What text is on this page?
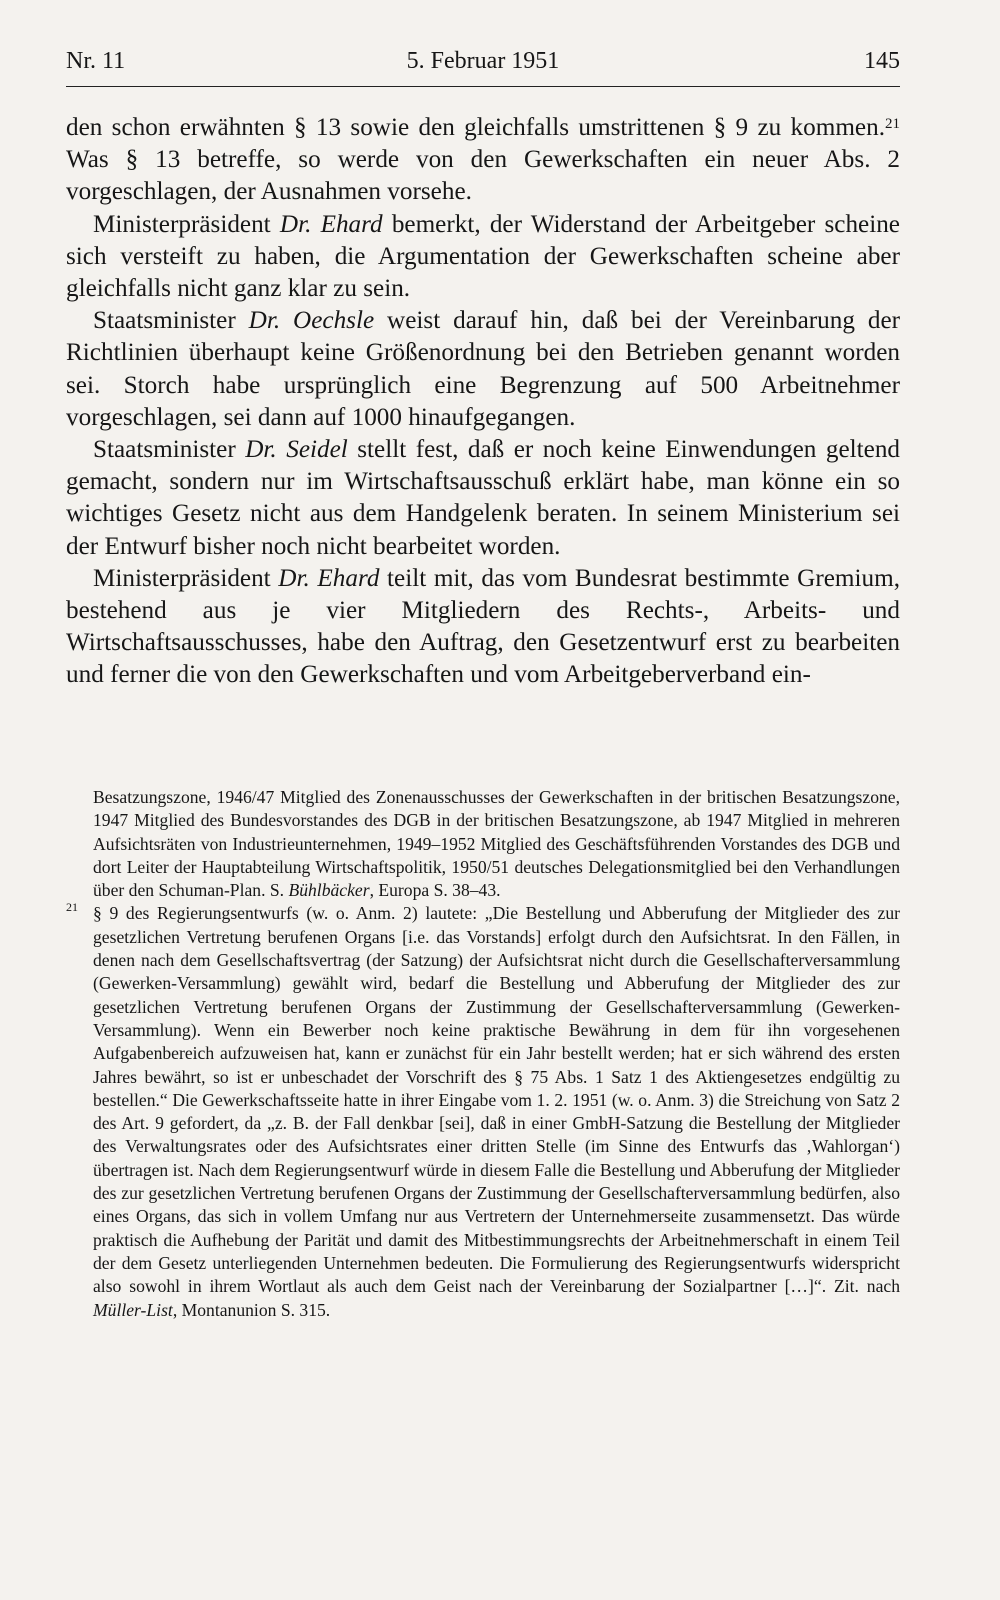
Nr. 11	5. Februar 1951	145

den schon erwähnten § 13 sowie den gleichfalls umstrittenen § 9 zu kommen.$^{21}$ Was § 13 betreffe, so werde von den Gewerkschaften ein neuer Abs. 2 vorgeschlagen, der Ausnahmen vorsehe.

Ministerpräsident Dr. Ehard bemerkt, der Widerstand der Arbeitgeber scheine sich versteift zu haben, die Argumentation der Gewerkschaften scheine aber gleichfalls nicht ganz klar zu sein.

Staatsminister Dr. Oechsle weist darauf hin, daß bei der Vereinbarung der Richtlinien überhaupt keine Größenordnung bei den Betrieben genannt worden sei. Storch habe ursprünglich eine Begrenzung auf 500 Arbeitnehmer vorgeschlagen, sei dann auf 1000 hinaufgegangen.

Staatsminister Dr. Seidel stellt fest, daß er noch keine Einwendungen geltend gemacht, sondern nur im Wirtschaftsausschuß erklärt habe, man könne ein so wichtiges Gesetz nicht aus dem Handgelenk beraten. In seinem Ministerium sei der Entwurf bisher noch nicht bearbeitet worden.

Ministerpräsident Dr. Ehard teilt mit, das vom Bundesrat bestimmte Gremium, bestehend aus je vier Mitgliedern des Rechts-, Arbeits- und Wirtschaftsausschusses, habe den Auftrag, den Gesetzentwurf erst zu bearbeiten und ferner die von den Gewerkschaften und vom Arbeitgeberverband ein-

Besatzungszone, 1946/47 Mitglied des Zonenausschusses der Gewerkschaften in der britischen Besatzungszone, 1947 Mitglied des Bundesvorstandes des DGB in der britischen Besatzungszone, ab 1947 Mitglied in mehreren Aufsichtsräten von Industrieunternehmen, 1949–1952 Mitglied des Geschäftsführenden Vorstandes des DGB und dort Leiter der Hauptabteilung Wirtschaftspolitik, 1950/51 deutsches Delegationsmitglied bei den Verhandlungen über den Schuman-Plan. S. Bühlbäcker, Europa S. 38–43.
21 § 9 des Regierungsentwurfs (w. o. Anm. 2) lautete: „Die Bestellung und Abberufung der Mitglieder des zur gesetzlichen Vertretung berufenen Organs [i.e. das Vorstands] erfolgt durch den Aufsichtsrat. In den Fällen, in denen nach dem Gesellschaftsvertrag (der Satzung) der Aufsichtsrat nicht durch die Gesellschafterversammlung (Gewerken-Versammlung) gewählt wird, bedarf die Bestellung und Abberufung der Mitglieder des zur gesetzlichen Vertretung berufenen Organs der Zustimmung der Gesellschafterversammlung (Gewerken-Versammlung). Wenn ein Bewerber noch keine praktische Bewährung in dem für ihn vorgesehenen Aufgabenbereich aufzuweisen hat, kann er zunächst für ein Jahr bestellt werden; hat er sich während des ersten Jahres bewährt, so ist er unbeschadet der Vorschrift des § 75 Abs. 1 Satz 1 des Aktiengesetzes endgültig zu bestellen.“ Die Gewerkschaftsseite hatte in ihrer Eingabe vom 1. 2. 1951 (w. o. Anm. 3) die Streichung von Satz 2 des Art. 9 gefordert, da „z. B. der Fall denkbar [sei], daß in einer GmbH-Satzung die Bestellung der Mitglieder des Verwaltungsrates oder des Aufsichtsrates einer dritten Stelle (im Sinne des Entwurfs das ‚Wahlorgan‘) übertragen ist. Nach dem Regierungsentwurf würde in diesem Falle die Bestellung und Abberufung der Mitglieder des zur gesetzlichen Vertretung berufenen Organs der Zustimmung der Gesellschafterversammlung bedürfen, also eines Organs, das sich in vollem Umfang nur aus Vertretern der Unternehmerseite zusammensetzt. Das würde praktisch die Aufhebung der Parität und damit des Mitbestimmungsrechts der Arbeitnehmerschaft in einem Teil der dem Gesetz unterliegenden Unternehmen bedeuten. Die Formulierung des Regierungsentwurfs widerspricht also sowohl in ihrem Wortlaut als auch dem Geist nach der Vereinbarung der Sozialpartner […]“. Zit. nach Müller-List, Montanunion S. 315.
